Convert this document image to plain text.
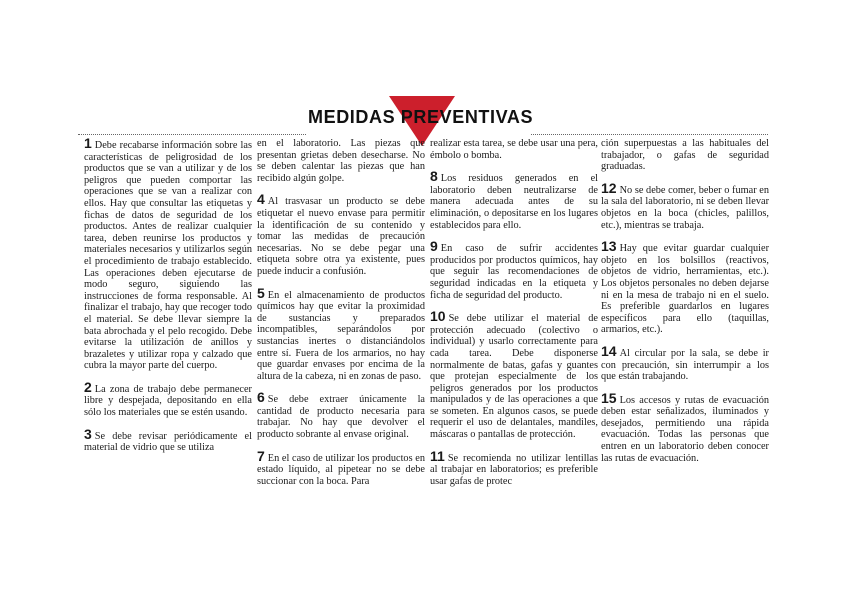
MEDIDAS PREVENTIVAS
1 Debe recabarse información sobre las características de peligrosidad de los productos que se van a utilizar y de los peligros que pueden comportar las operaciones que se van a realizar con ellos. Hay que consultar las etiquetas y fichas de datos de seguridad de los productos. Antes de realizar cualquier tarea, deben reunirse los productos y materiales necesarios y utilizarlos según el procedimiento de trabajo establecido. Las operaciones deben ejecutarse de modo seguro, siguiendo las instrucciones de forma responsable. Al finalizar el trabajo, hay que recoger todo el material. Se debe llevar siempre la bata abrochada y el pelo recogido. Debe evitarse la utilización de anillos y brazaletes y utilizar ropa y calzado que cubra la mayor parte del cuerpo.
2 La zona de trabajo debe permanecer libre y despejada, depositando en ella sólo los materiales que se estén usando.
3 Se debe revisar periódicamente el material de vidrio que se utiliza
en el laboratorio. Las piezas que presentan grietas deben desecharse. No se deben calentar las piezas que han recibido algún golpe.
4 Al trasvasar un producto se debe etiquetar el nuevo envase para permitir la identificación de su contenido y tomar las medidas de precaución necesarias. No se debe pegar una etiqueta sobre otra ya existente, pues puede inducir a confusión.
5 En el almacenamiento de productos químicos hay que evitar la proximidad de sustancias y preparados incompatibles, separándolos por sustancias inertes o distanciándolos entre sí. Fuera de los armarios, no hay que guardar envases por encima de la altura de la cabeza, ni en zonas de paso.
6 Se debe extraer únicamente la cantidad de producto necesaria para trabajar. No hay que devolver el producto sobrante al envase original.
7 En el caso de utilizar los productos en estado líquido, al pipetear no se debe succionar con la boca. Para
realizar esta tarea, se debe usar una pera, émbolo o bomba.
8 Los residuos generados en el laboratorio deben neutralizarse de manera adecuada antes de su eliminación, o depositarse en los lugares establecidos para ello.
9 En caso de sufrir accidentes producidos por productos químicos, hay que seguir las recomendaciones de seguridad indicadas en la etiqueta y ficha de seguridad del producto.
10 Se debe utilizar el material de protección adecuado (colectivo o individual) y usarlo correctamente para cada tarea. Debe disponerse normalmente de batas, gafas y guantes que protejan especialmente de los peligros generados por los productos manipulados y de las operaciones a que se someten. En algunos casos, se puede requerir el uso de delantales, mandiles, máscaras o pantallas de protección.
11 Se recomienda no utilizar lentillas al trabajar en laboratorios; es preferible usar gafas de protec
ción superpuestas a las habituales del trabajador, o gafas de seguridad graduadas.
12 No se debe comer, beber o fumar en la sala del laboratorio, ni se deben llevar objetos en la boca (chicles, palillos, etc.), mientras se trabaja.
13 Hay que evitar guardar cualquier objeto en los bolsillos (reactivos, objetos de vidrio, herramientas, etc.). Los objetos personales no deben dejarse ni en la mesa de trabajo ni en el suelo. Es preferible guardarlos en lugares específicos para ello (taquillas, armarios, etc.).
14 Al circular por la sala, se debe ir con precaución, sin interrumpir a los que están trabajando.
15 Los accesos y rutas de evacuación deben estar señalizados, iluminados y desejados, permitiendo una rápida evacuación. Todas las personas que entren en un laboratorio deben conocer las rutas de evacuación.
